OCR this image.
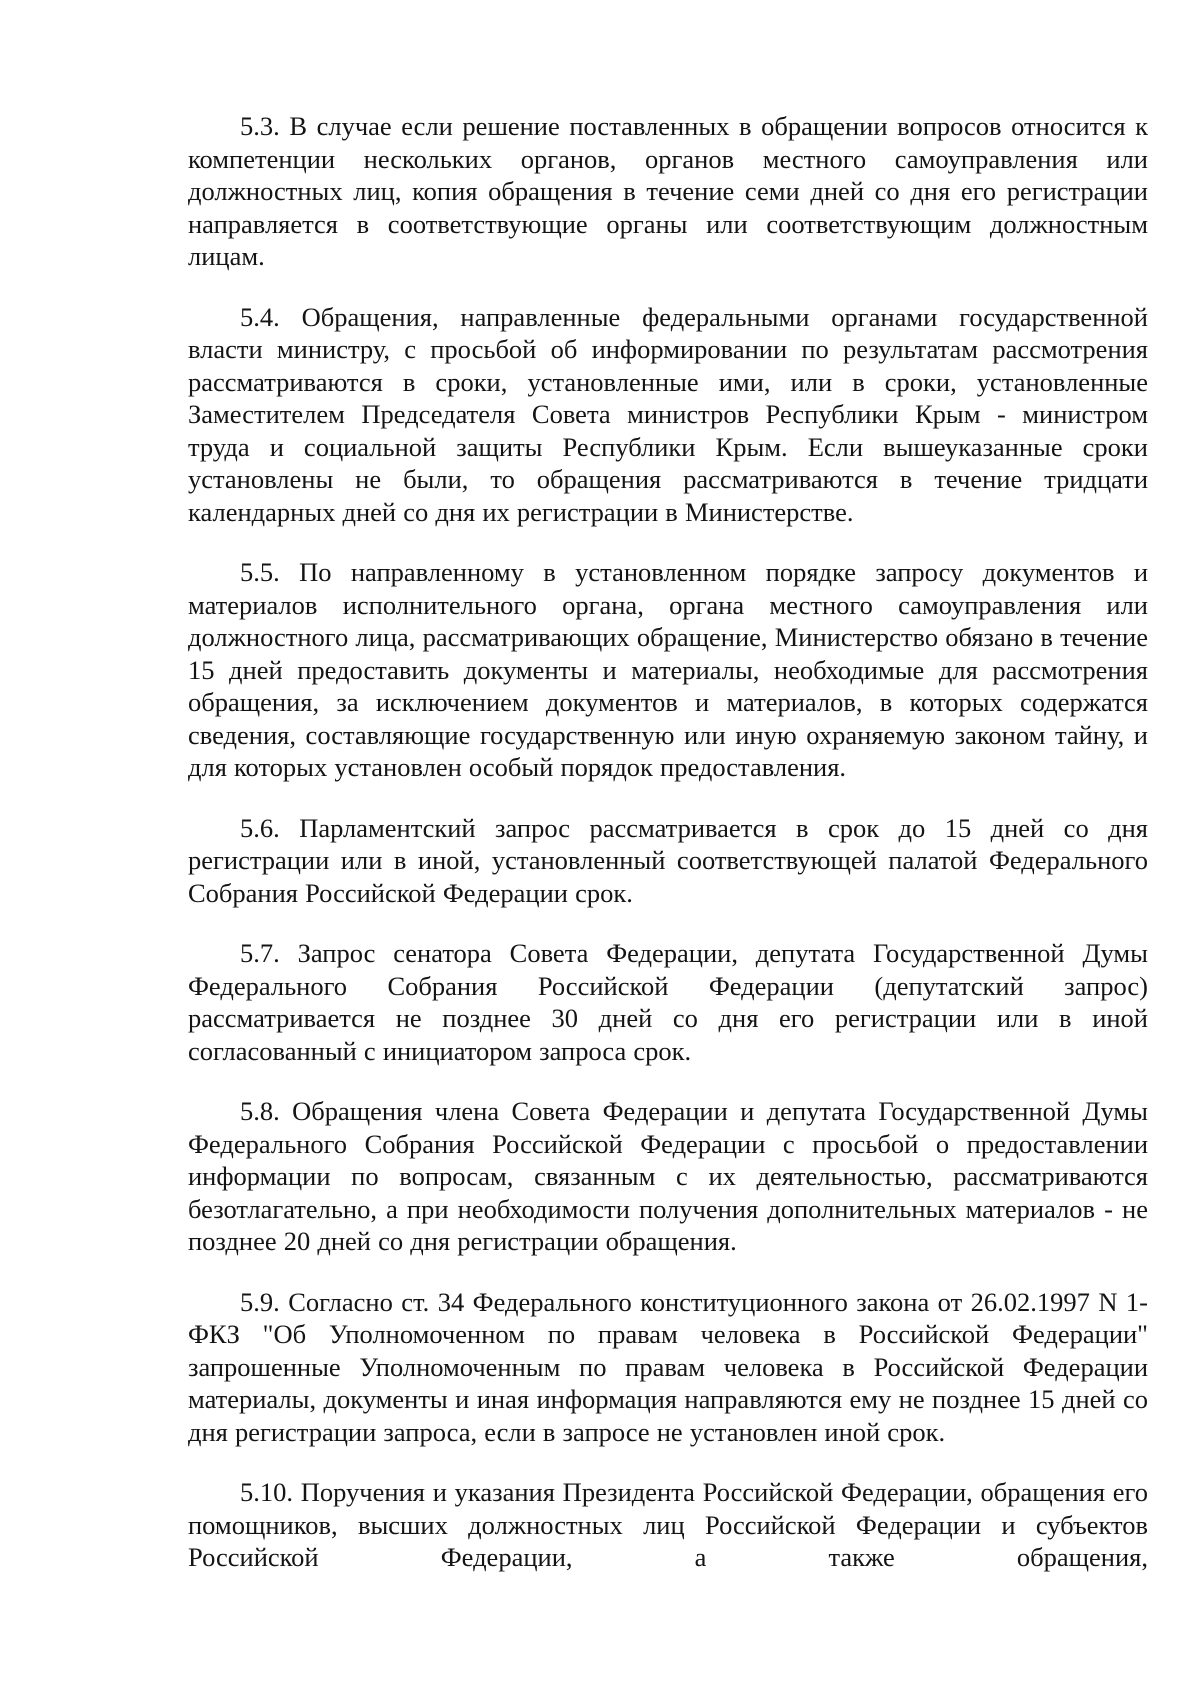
5.3. В случае если решение поставленных в обращении вопросов относится к компетенции нескольких органов, органов местного самоуправления или должностных лиц, копия обращения в течение семи дней со дня его регистрации направляется в соответствующие органы или соответствующим должностным лицам.

5.4. Обращения, направленные федеральными органами государственной власти министру, с просьбой об информировании по результатам рассмотрения рассматриваются в сроки, установленные ими, или в сроки, установленные Заместителем Председателя Совета министров Республики Крым - министром труда и социальной защиты Республики Крым. Если вышеуказанные сроки установлены не были, то обращения рассматриваются в течение тридцати календарных дней со дня их регистрации в Министерстве.

5.5. По направленному в установленном порядке запросу документов и материалов исполнительного органа, органа местного самоуправления или должностного лица, рассматривающих обращение, Министерство обязано в течение 15 дней предоставить документы и материалы, необходимые для рассмотрения обращения, за исключением документов и материалов, в которых содержатся сведения, составляющие государственную или иную охраняемую законом тайну, и для которых установлен особый порядок предоставления.

5.6. Парламентский запрос рассматривается в срок до 15 дней со дня регистрации или в иной, установленный соответствующей палатой Федерального Собрания Российской Федерации срок.

5.7. Запрос сенатора Совета Федерации, депутата Государственной Думы Федерального Собрания Российской Федерации (депутатский запрос) рассматривается не позднее 30 дней со дня его регистрации или в иной согласованный с инициатором запроса срок.

5.8. Обращения члена Совета Федерации и депутата Государственной Думы Федерального Собрания Российской Федерации с просьбой о предоставлении информации по вопросам, связанным с их деятельностью, рассматриваются безотлагательно, а при необходимости получения дополнительных материалов - не позднее 20 дней со дня регистрации обращения.

5.9. Согласно ст. 34 Федерального конституционного закона от 26.02.1997 N 1-ФКЗ "Об Уполномоченном по правам человека в Российской Федерации" запрошенные Уполномоченным по правам человека в Российской Федерации материалы, документы и иная информация направляются ему не позднее 15 дней со дня регистрации запроса, если в запросе не установлен иной срок.

5.10. Поручения и указания Президента Российской Федерации, обращения его помощников, высших должностных лиц Российской Федерации и субъектов Российской Федерации, а также обращения,
